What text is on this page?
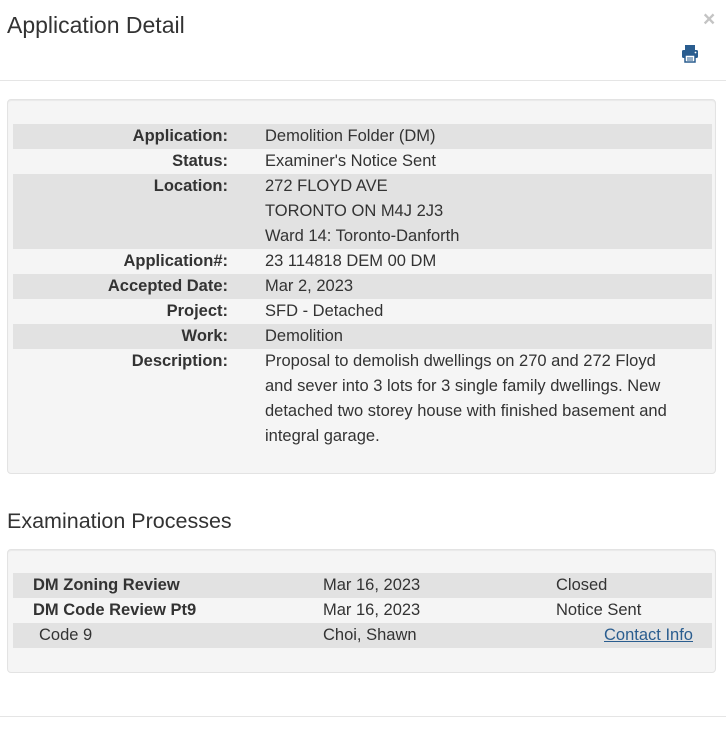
Application Detail	×
Application: Demolition Folder (DM)
Status: Examiner's Notice Sent
Location: 272 FLOYD AVE
TORONTO ON M4J 2J3
Ward 14: Toronto-Danforth
Application#: 23 114818 DEM 00 DM
Accepted Date: Mar 2, 2023
Project: SFD - Detached
Work: Demolition
Description: Proposal to demolish dwellings on 270 and 272 Floyd
and sever into 3 lots for 3 single family dwellings. New
detached two storey house with finished basement and
integral garage.
Examination Processes
DM Zoning Review	Mar 16, 2023	Closed
DM Code Review Pt9	Mar 16, 2023	Notice Sent
Code 9	Choi, Shawn	Contact Info
